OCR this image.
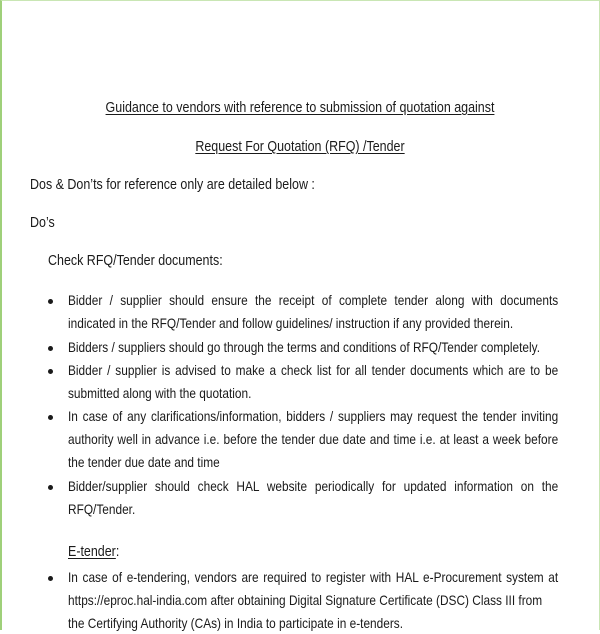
Guidance to vendors with reference to submission of quotation against
Request For Quotation (RFQ) /Tender
Dos & Don’ts for reference only are detailed below :
Do’s
Check RFQ/Tender documents:
Bidder / supplier should ensure the receipt of complete tender along with documents
indicated in the RFQ/Tender and follow guidelines/ instruction if any provided therein.
Bidders / suppliers should go through the terms and conditions of RFQ/Tender completely.
Bidder / supplier is advised to make a check list for all tender documents which are to be
submitted along with the quotation.
In case of any clarifications/information, bidders / suppliers may request the tender inviting
authority well in advance i.e. before the tender due date and time i.e. at least a week before
the tender due date and time
Bidder/supplier should check HAL website periodically for updated information on the
RFQ/Tender.
E-tender:
In case of e-tendering, vendors are required to register with HAL e-Procurement system at
https://eproc.hal-india.com after obtaining Digital Signature Certificate (DSC) Class III from
the Certifying Authority (CAs) in India to participate in e-tenders.
